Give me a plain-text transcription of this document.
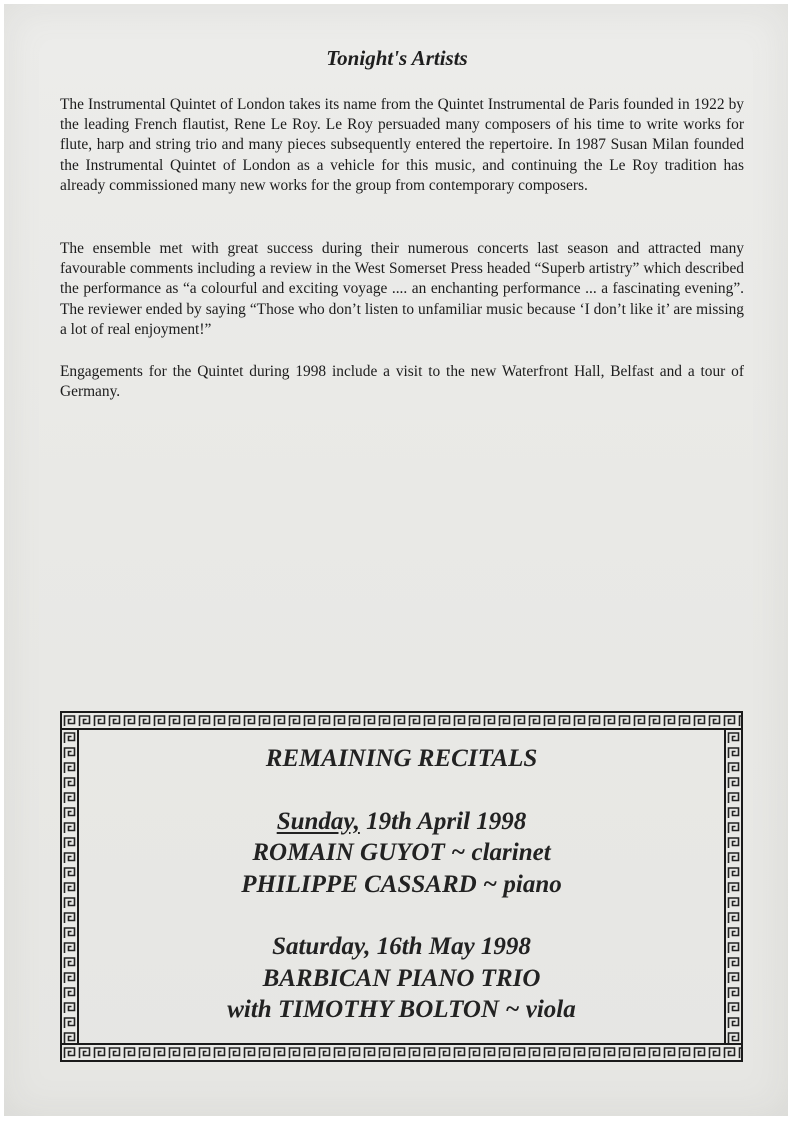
Tonight's Artists

The Instrumental Quintet of London takes its name from the Quintet Instrumental de Paris founded in 1922 by the leading French flautist, Rene Le Roy. Le Roy persuaded many composers of his time to write works for flute, harp and string trio and many pieces subsequently entered the repertoire. In 1987 Susan Milan founded the Instrumental Quintet of London as a vehicle for this music, and continuing the Le Roy tradition has already commissioned many new works for the group from contemporary composers.

The ensemble met with great success during their numerous concerts last season and attracted many favourable comments including a review in the West Somerset Press headed “Superb artistry” which described the performance as “a colourful and exciting voyage .... an enchanting performance ... a fascinating evening”. The reviewer ended by saying “Those who don’t listen to unfamiliar music because ‘I don’t like it’ are missing a lot of real enjoyment!”

Engagements for the Quintet during 1998 include a visit to the new Waterfront Hall, Belfast and a tour of Germany.

REMAINING RECITALS
Sunday, 19th April 1998
ROMAIN GUYOT ~ clarinet
PHILIPPE CASSARD ~ piano
Saturday, 16th May 1998
BARBICAN PIANO TRIO
with TIMOTHY BOLTON ~ viola
